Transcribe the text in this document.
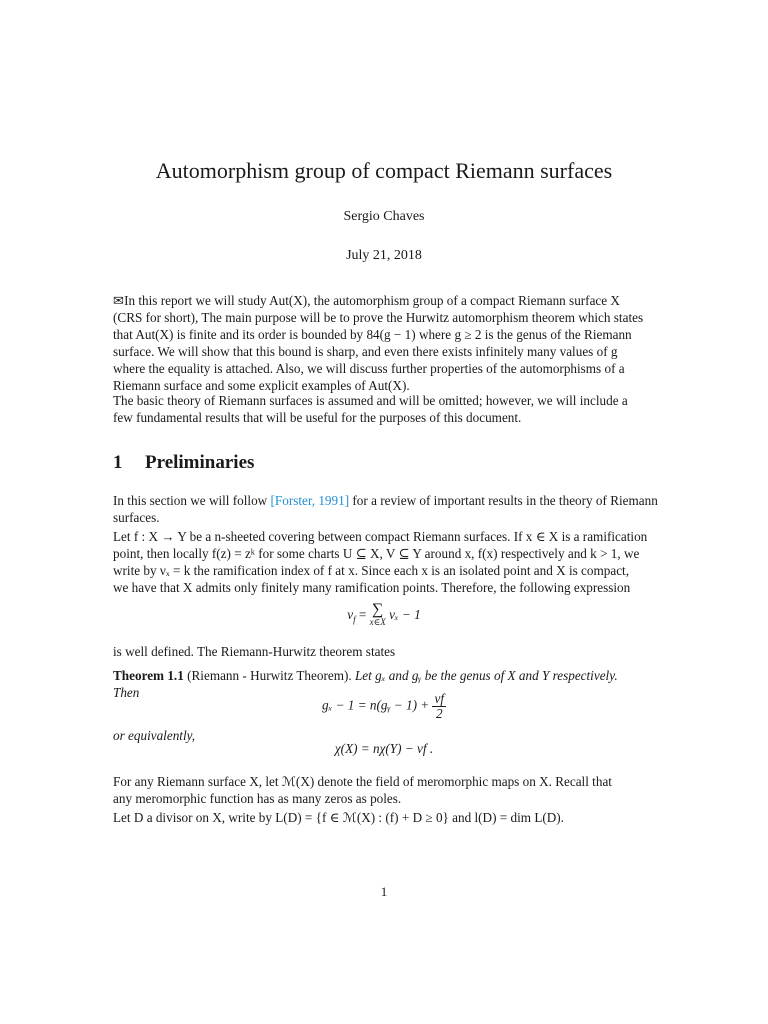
Automorphism group of compact Riemann surfaces
Sergio Chaves
July 21, 2018

✉In this report we will study Aut(X), the automorphism group of a compact Riemann surface X
(CRS for short), The main purpose will be to prove the Hurwitz automorphism theorem which states
that Aut(X) is finite and its order is bounded by 84(g − 1) where g ≥ 2 is the genus of the Riemann
surface. We will show that this bound is sharp, and even there exists infinitely many values of g
where the equality is attached. Also, we will discuss further properties of the automorphisms of a
Riemann surface and some explicit examples of Aut(X).

The basic theory of Riemann surfaces is assumed and will be omitted; however, we will include a
few fundamental results that will be useful for the purposes of this document.

1 Preliminaries

In this section we will follow [Forster, 1991] for a review of important results in the theory of Riemann
surfaces.

Let f : X → Y be a n-sheeted covering between compact Riemann surfaces. If x ∈ X is a ramification
point, then locally f(z) = zᵏ for some charts U ⊆ X, V ⊆ Y around x, f(x) respectively and k > 1, we
write by νₓ = k the ramification index of f at x. Since each x is an isolated point and X is compact,
we have that X admits only finitely many ramification points. Therefore, the following expression

$\nu_f$ = ∑
x∈X νₓ − 1

is well defined. The Riemann-Hurwitz theorem states

Theorem 1.1 (Riemann - Hurwitz Theorem). Let gₓ and gᵧ be the genus of X and Y respectively.
Then

gₓ − 1 = n(gᵧ − $1) + \frac{\nu f}{2}$

or equivalently,

χ(X) = nχ(Y) − νf .

For any Riemann surface X, let ℳ(X) denote the field of meromorphic maps on X. Recall that
any meromorphic function has as many zeros as poles.

Let D a divisor on X, write by L(D) = {f ∈ ℳ(X) : (f) + D ≥ 0} and l(D) = dim L(D).

1
